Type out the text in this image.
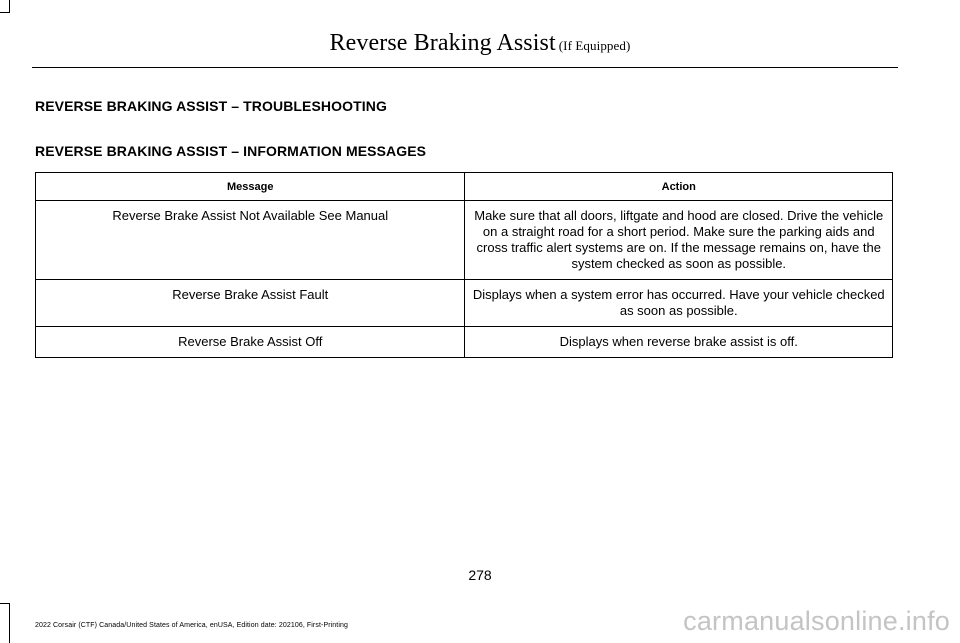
Reverse Braking Assist (If Equipped)
REVERSE BRAKING ASSIST – TROUBLESHOOTING
REVERSE BRAKING ASSIST – INFORMATION MESSAGES
Message	Action
Reverse Brake Assist Not Available See Manual	Make sure that all doors, liftgate and hood are closed. Drive the vehicle on a straight road for a short period. Make sure the parking aids and cross traffic alert systems are on. If the message remains on, have the system checked as soon as possible.
Reverse Brake Assist Fault	Displays when a system error has occurred. Have your vehicle checked as soon as possible.
Reverse Brake Assist Off	Displays when reverse brake assist is off.
278
2022 Corsair (CTF) Canada/United States of America, enUSA, Edition date: 202106, First-Printing	carmanualsonline.info
